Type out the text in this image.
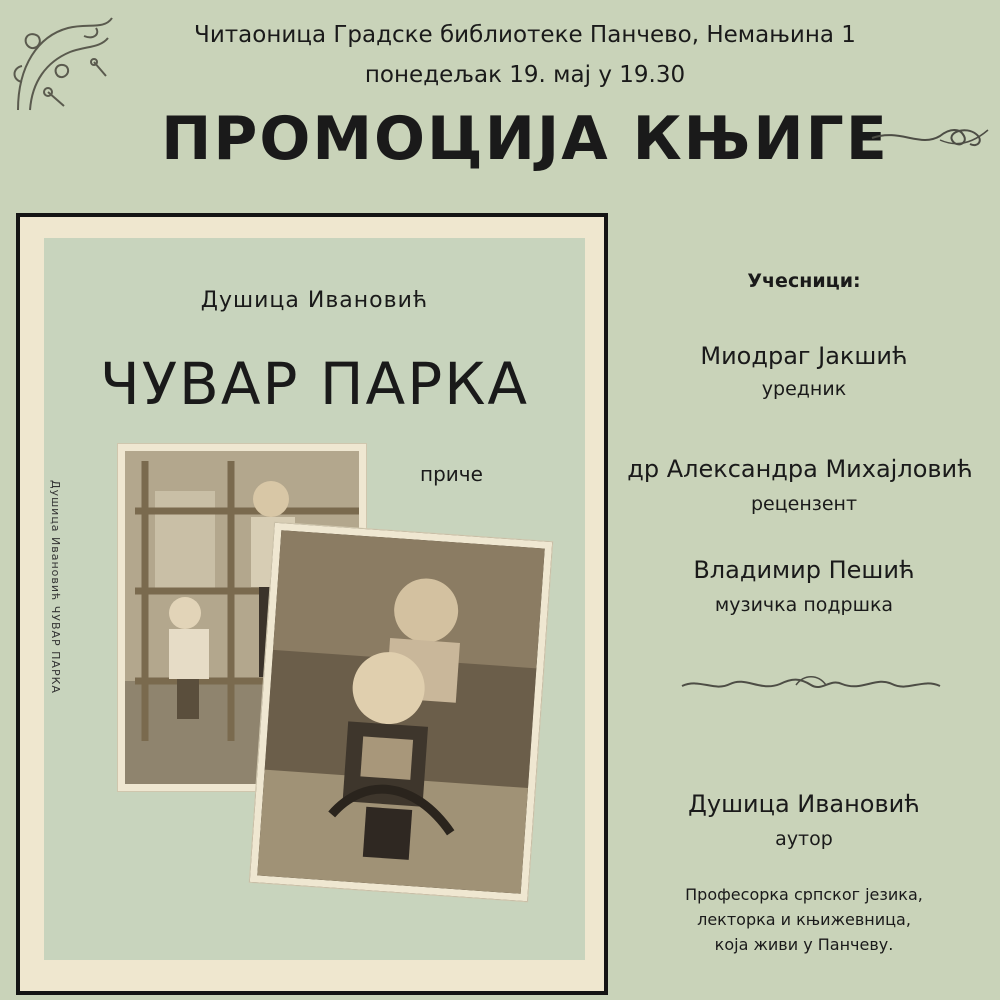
Читаоница Градске библиотеке Панчево, Немањина 1
понедељак 19. мај у 19.30
ПРОМОЦИЈА КЊИГЕ
Душица Ивановић
ЧУВАР ПАРКА
приче
Душица Ивановић ЧУВАР ПАРКА
Учесници:
Миодраг Јакшић
уредник
др Александра Михајловић
рецензент
Владимир Пешић
музичка подршка
Душица Ивановић
аутор
Професорка српског језика,
лекторка и књижевница,
која живи у Панчеву.
